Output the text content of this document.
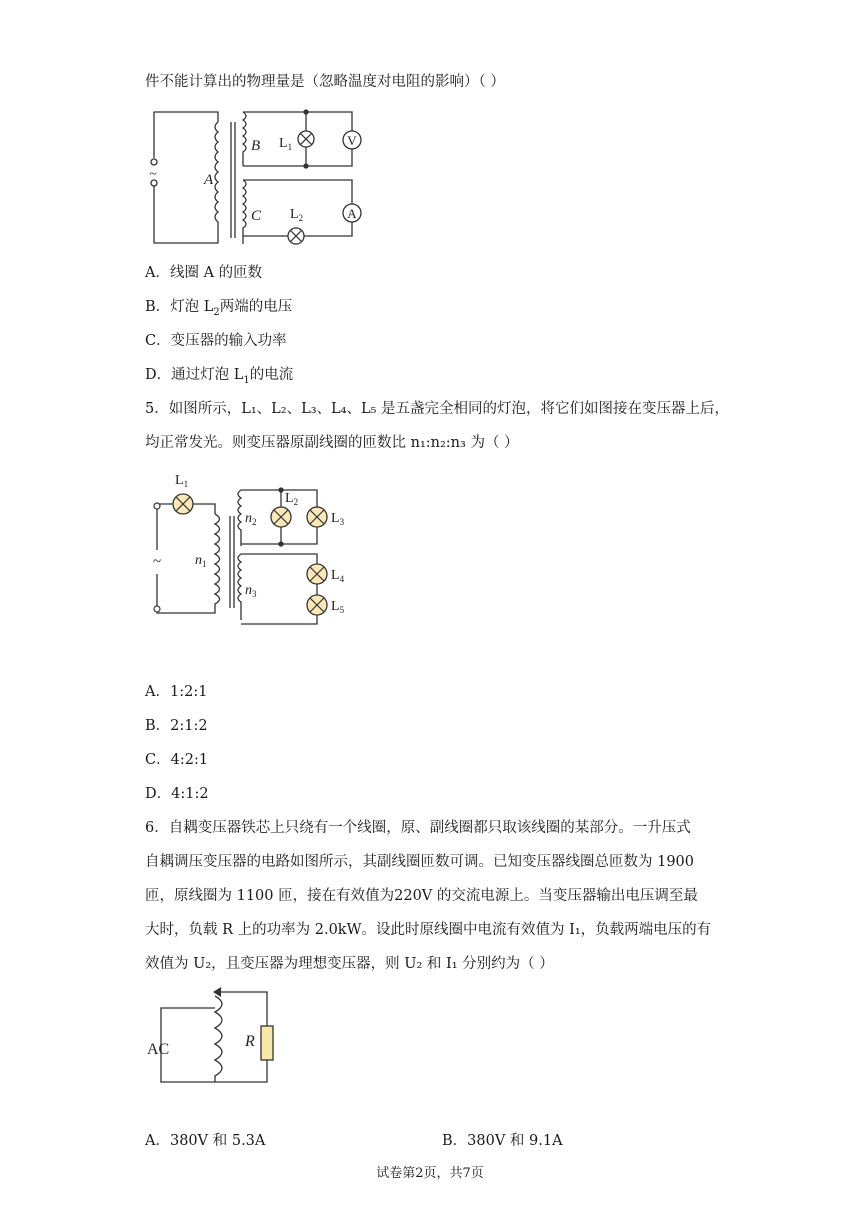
件不能计算出的物理量是（忽略温度对电阻的影响）（ ）
V
A
~	A
B
C
$L_1$
$L_2$
A．线圈 A 的匝数
B．灯泡 $L_2$两端的电压
C．变压器的输入功率
D．通过灯泡 $L_1$的电流
5．如图所示，L₁、L₂、L₃、L₄、L₅ 是五盏完全相同的灯泡，将它们如图接在变压器上后，
均正常发光。则变压器原副线圈的匝数比 n₁:n₂:n₃ 为（ ）
~
$L_1$
$L_2$
$L_3$
$L_4$
$L_5$
$n_1$
$n_2$
$n_3$
A．1:2:1
B．2:1:2
C．4:2:1
D．4:1:2
6．自耦变压器铁芯上只绕有一个线圈，原、副线圈都只取该线圈的某部分。一升压式
自耦调压变压器的电路如图所示，其副线圈匝数可调。已知变压器线圈总匝数为 1900
匝，原线圈为 1100 匝，接在有效值为220V 的交流电源上。当变压器输出电压调至最
大时，负载 R 上的功率为 2.0kW。设此时原线圈中电流有效值为 I₁，负载两端电压的有
效值为 U₂，且变压器为理想变压器，则 U₂ 和 I₁ 分别约为（ ）
AC	R
A．380V 和 5.3A	B．380V 和 9.1A
试卷第2页，共7页
